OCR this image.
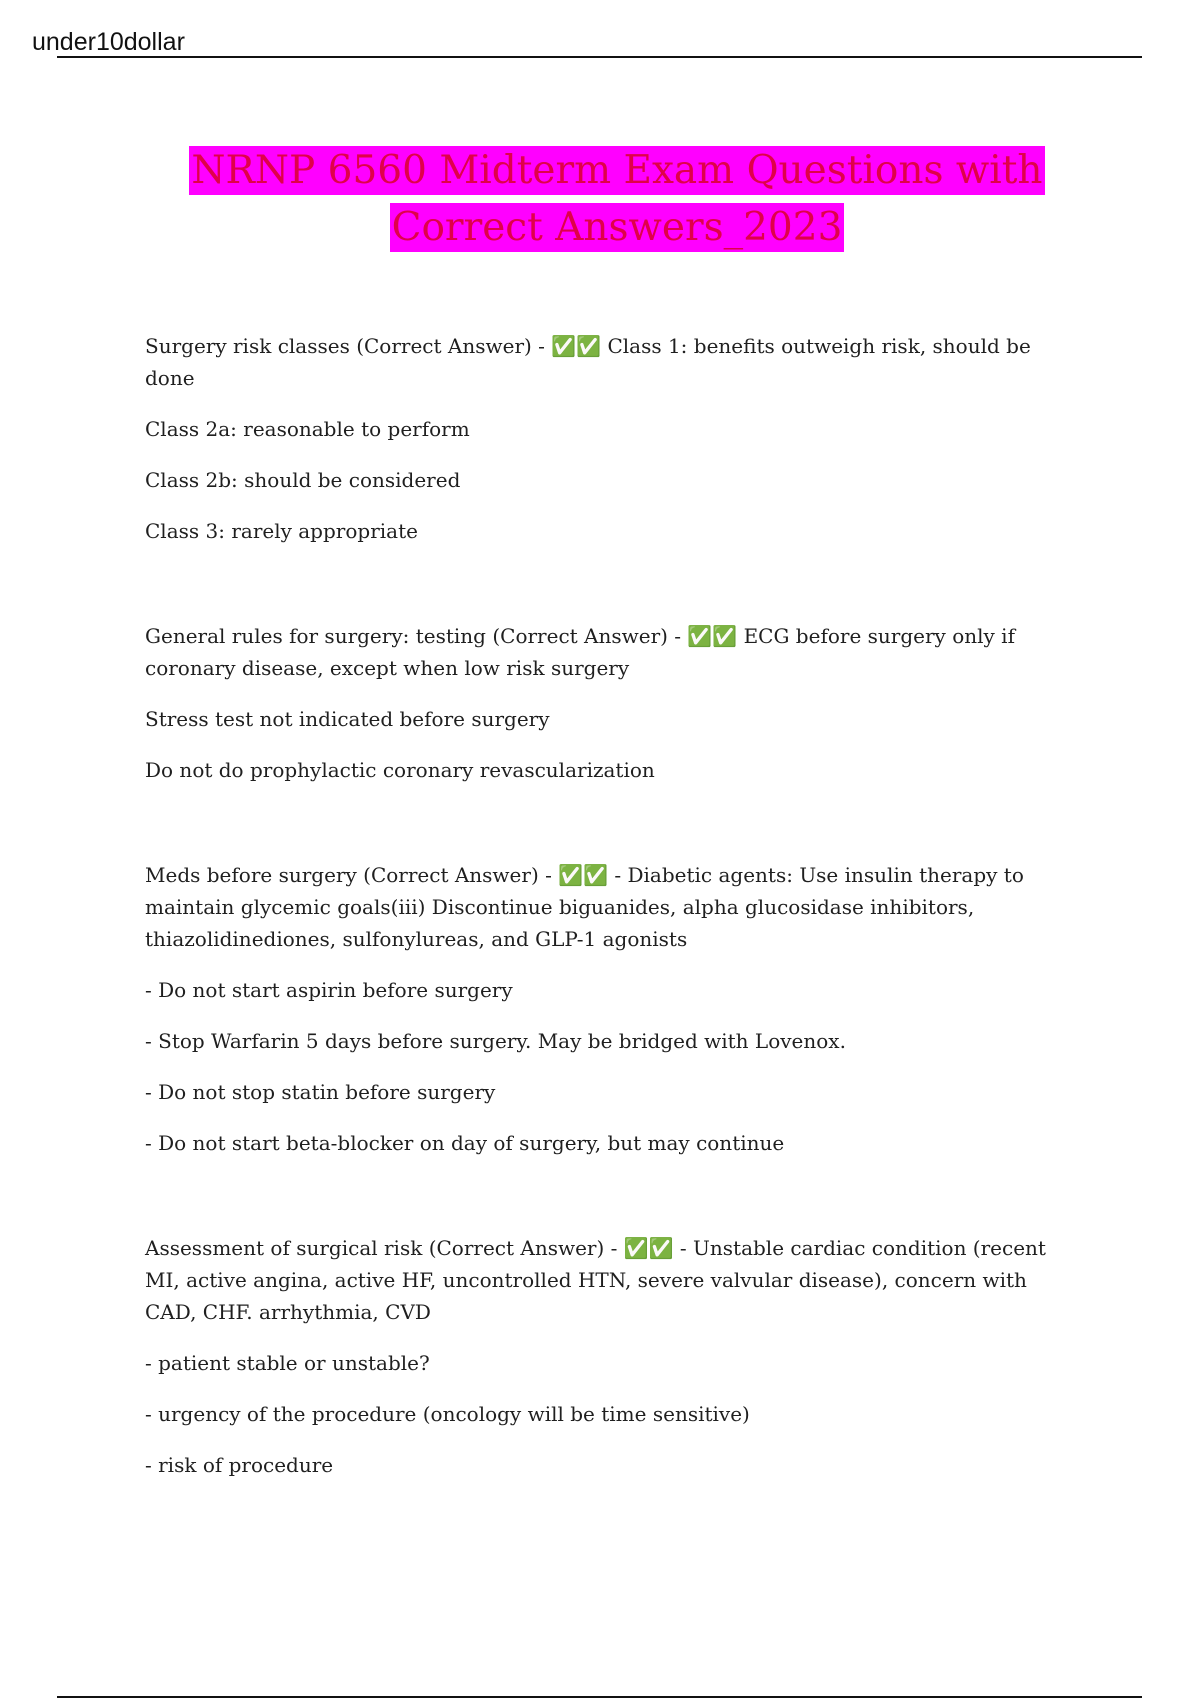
under10dollar
NRNP 6560 Midterm Exam Questions with
Correct Answers_2023

Surgery risk classes (Correct Answer) - ✅✅ Class 1: benefits outweigh risk, should be done

Class 2a: reasonable to perform

Class 2b: should be considered

Class 3: rarely appropriate

General rules for surgery: testing (Correct Answer) - ✅✅ ECG before surgery only if coronary disease, except when low risk surgery

Stress test not indicated before surgery

Do not do prophylactic coronary revascularization

Meds before surgery (Correct Answer) - ✅✅ - Diabetic agents: Use insulin therapy to maintain glycemic goals(iii) Discontinue biguanides, alpha glucosidase inhibitors, thiazolidinediones, sulfonylureas, and GLP-1 agonists

- Do not start aspirin before surgery

- Stop Warfarin 5 days before surgery. May be bridged with Lovenox.

- Do not stop statin before surgery

- Do not start beta-blocker on day of surgery, but may continue

Assessment of surgical risk (Correct Answer) - ✅✅ - Unstable cardiac condition (recent MI, active angina, active HF, uncontrolled HTN, severe valvular disease), concern with CAD, CHF. arrhythmia, CVD

- patient stable or unstable?

- urgency of the procedure (oncology will be time sensitive)

- risk of procedure
